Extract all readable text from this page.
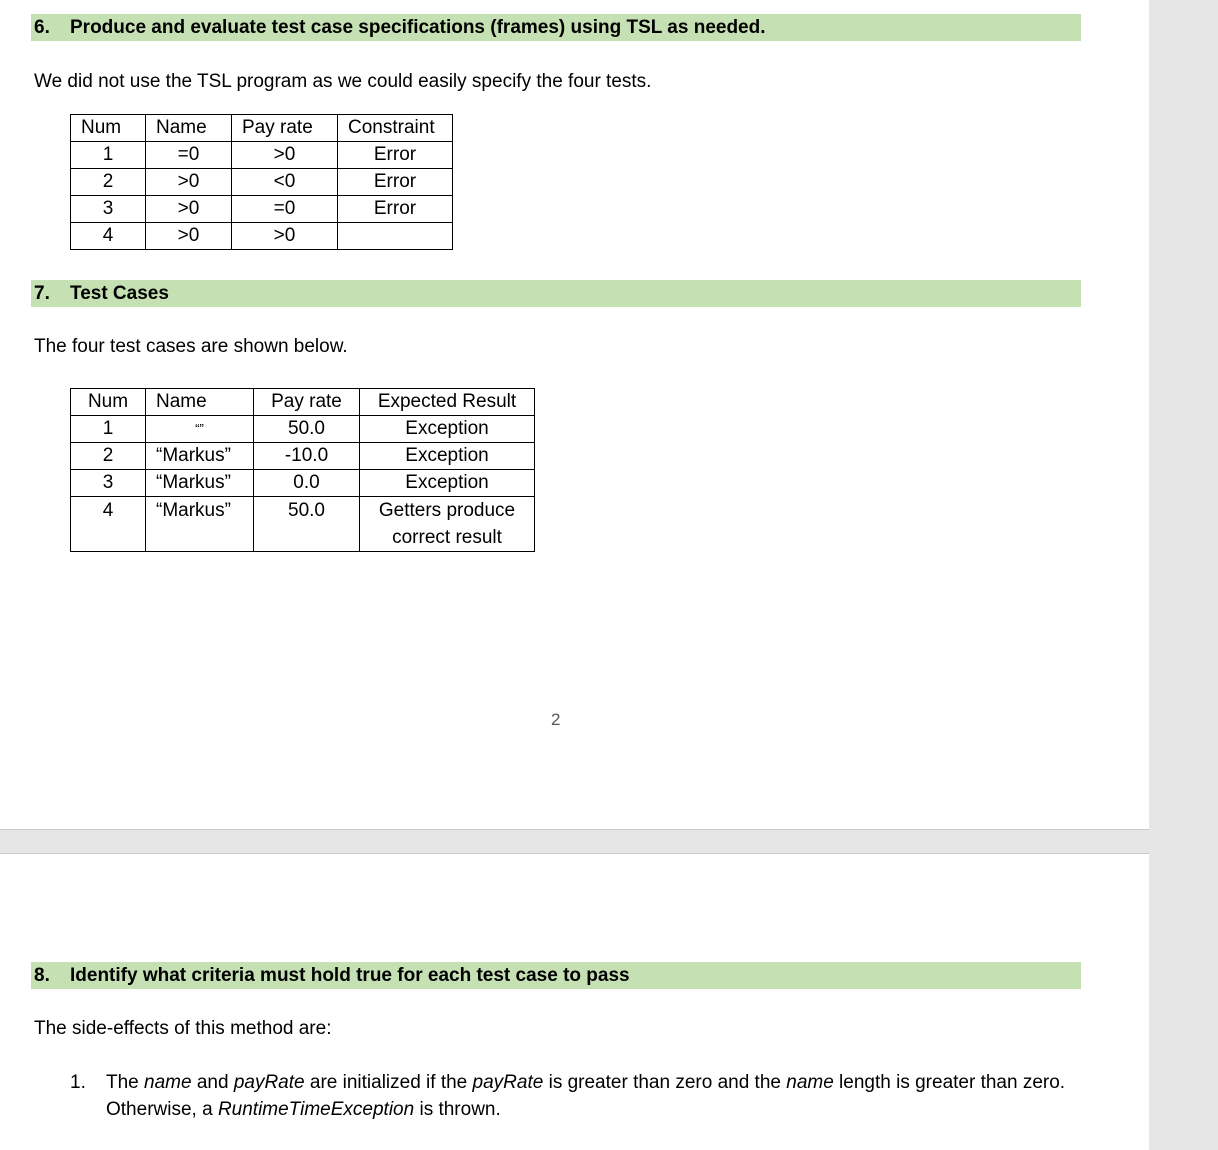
6. Produce and evaluate test case specifications (frames) using TSL as needed.
We did not use the TSL program as we could easily specify the four tests.
Num	Name	Pay rate	Constraint
1	=0	>0	Error
2	>0	<0	Error
3	>0	=0	Error
4	>0	>0	
7. Test Cases
The four test cases are shown below.
Num	Name	Pay rate	Expected Result
1	“”	50.0	Exception
2	“Markus”	-10.0	Exception
3	“Markus”	0.0	Exception
4	“Markus”	50.0	Getters produce correct result
2
8. Identify what criteria must hold true for each test case to pass
The side-effects of this method are:
1. The name and payRate are initialized if the payRate is greater than zero and the name length is greater than zero. Otherwise, a RuntimeTimeException is thrown.
